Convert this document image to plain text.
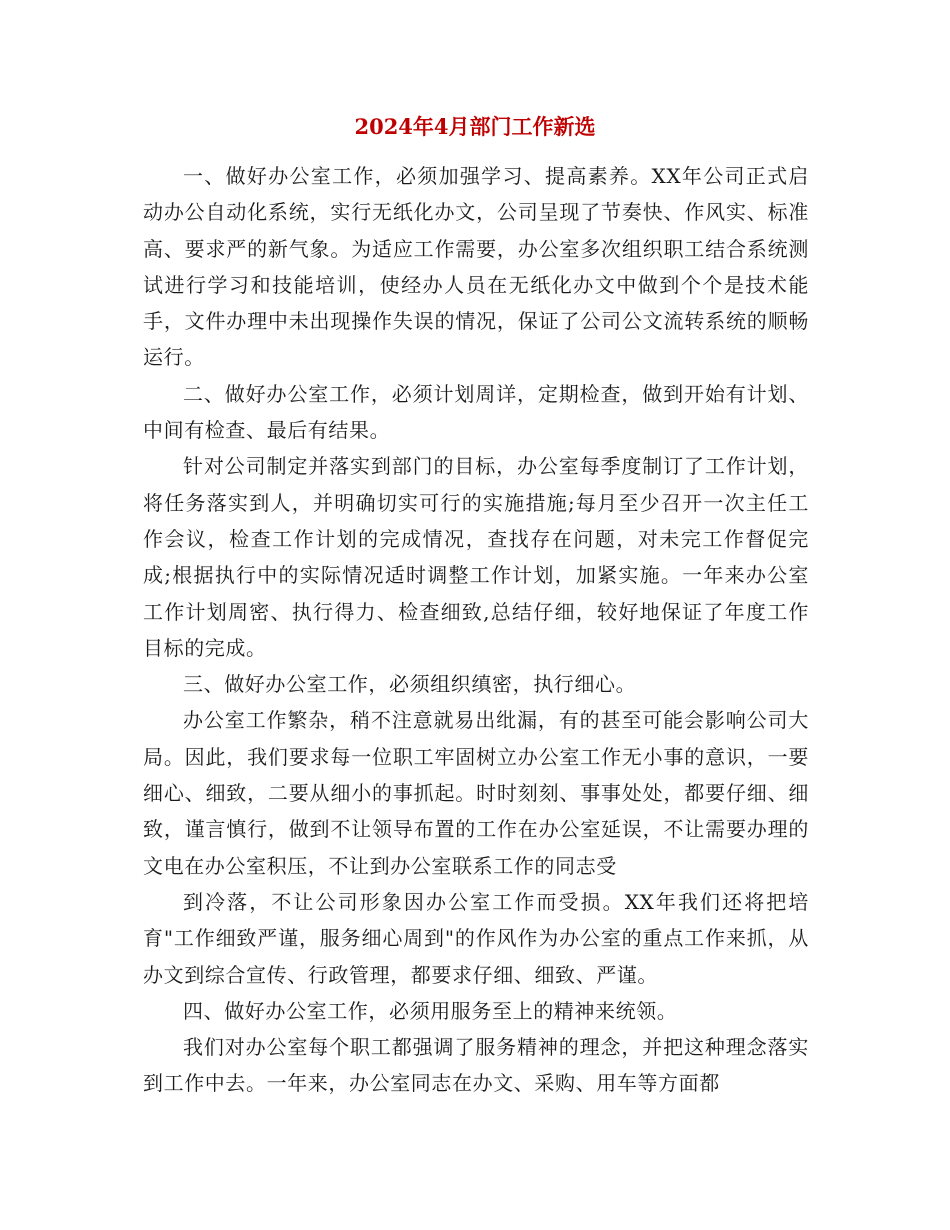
2024年4月部门工作新选

一、做好办公室工作，必须加强学习、提高素养。XX年公司正式启动办公自动化系统，实行无纸化办文，公司呈现了节奏快、作风实、标准高、要求严的新气象。为适应工作需要，办公室多次组织职工结合系统测试进行学习和技能培训，使经办人员在无纸化办文中做到个个是技术能手，文件办理中未出现操作失误的情况，保证了公司公文流转系统的顺畅运行。

二、做好办公室工作，必须计划周详，定期检查，做到开始有计划、中间有检查、最后有结果。

针对公司制定并落实到部门的目标，办公室每季度制订了工作计划，将任务落实到人，并明确切实可行的实施措施;每月至少召开一次主任工作会议，检查工作计划的完成情况，查找存在问题，对未完工作督促完成;根据执行中的实际情况适时调整工作计划，加紧实施。一年来办公室工作计划周密、执行得力、检查细致,总结仔细，较好地保证了年度工作目标的完成。

三、做好办公室工作，必须组织缜密，执行细心。

办公室工作繁杂，稍不注意就易出纰漏，有的甚至可能会影响公司大局。因此，我们要求每一位职工牢固树立办公室工作无小事的意识，一要细心、细致，二要从细小的事抓起。时时刻刻、事事处处，都要仔细、细致，谨言慎行，做到不让领导布置的工作在办公室延误，不让需要办理的文电在办公室积压，不让到办公室联系工作的同志受

到冷落，不让公司形象因办公室工作而受损。XX年我们还将把培育"工作细致严谨，服务细心周到"的作风作为办公室的重点工作来抓，从办文到综合宣传、行政管理，都要求仔细、细致、严谨。

四、做好办公室工作，必须用服务至上的精神来统领。

我们对办公室每个职工都强调了服务精神的理念，并把这种理念落实到工作中去。一年来，办公室同志在办文、采购、用车等方面都
